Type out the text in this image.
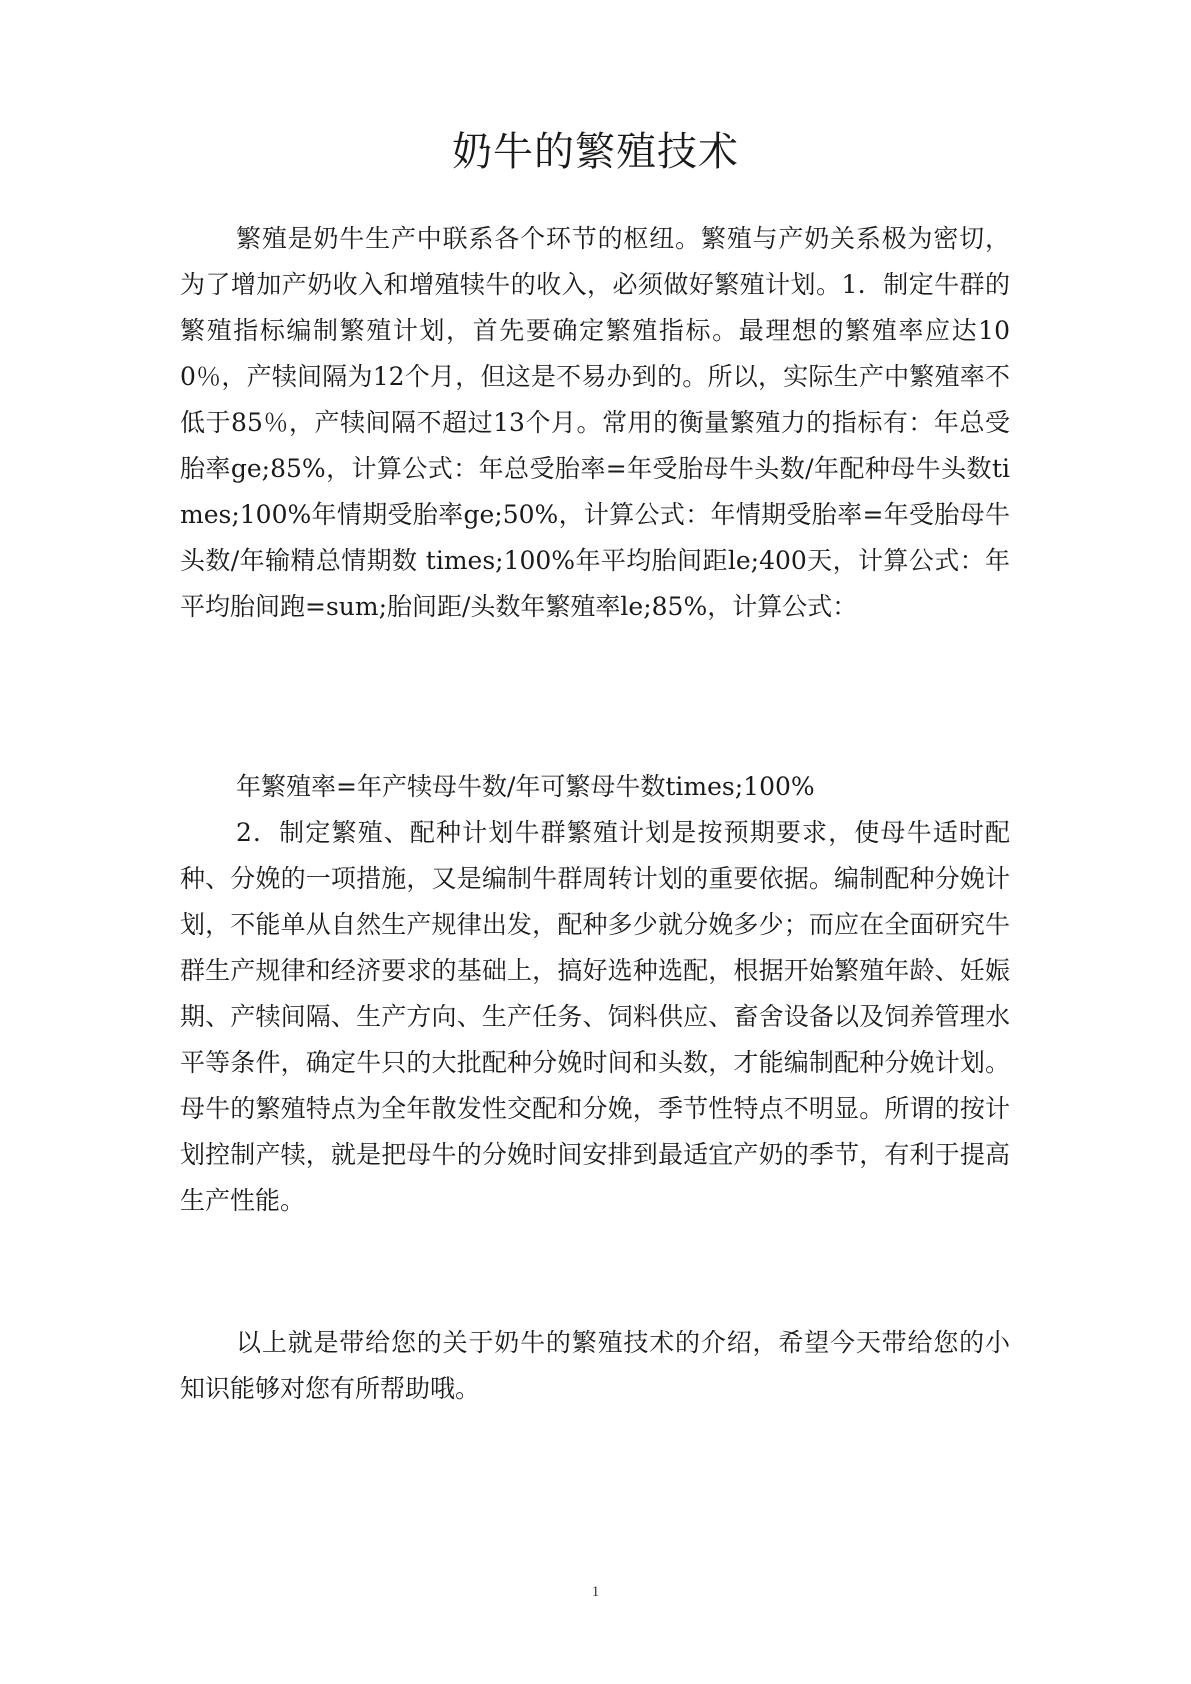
奶牛的繁殖技术

繁殖是奶牛生产中联系各个环节的枢纽。繁殖与产奶关系极为密切，为了增加产奶收入和增殖犊牛的收入，必须做好繁殖计划。1．制定牛群的繁殖指标编制繁殖计划，首先要确定繁殖指标。最理想的繁殖率应达100％，产犊间隔为12个月，但这是不易办到的。所以，实际生产中繁殖率不低于85％，产犊间隔不超过13个月。常用的衡量繁殖力的指标有：年总受胎率ge;85%，计算公式：年总受胎率=年受胎母牛头数/年配种母牛头数times;100%年情期受胎率ge;50%，计算公式：年情期受胎率=年受胎母牛头数/年输精总情期数 times;100%年平均胎间距le;400天，计算公式：年平均胎间跑=sum;胎间距/头数年繁殖率le;85%，计算公式：

年繁殖率=年产犊母牛数/年可繁母牛数times;100%

2．制定繁殖、配种计划牛群繁殖计划是按预期要求，使母牛适时配种、分娩的一项措施，又是编制牛群周转计划的重要依据。编制配种分娩计划，不能单从自然生产规律出发，配种多少就分娩多少；而应在全面研究牛群生产规律和经济要求的基础上，搞好选种选配，根据开始繁殖年龄、妊娠期、产犊间隔、生产方向、生产任务、饲料供应、畜舍设备以及饲养管理水平等条件，确定牛只的大批配种分娩时间和头数，才能编制配种分娩计划。母牛的繁殖特点为全年散发性交配和分娩，季节性特点不明显。所谓的按计划控制产犊，就是把母牛的分娩时间安排到最适宜产奶的季节，有利于提高生产性能。

以上就是带给您的关于奶牛的繁殖技术的介绍，希望今天带给您的小知识能够对您有所帮助哦。

1
